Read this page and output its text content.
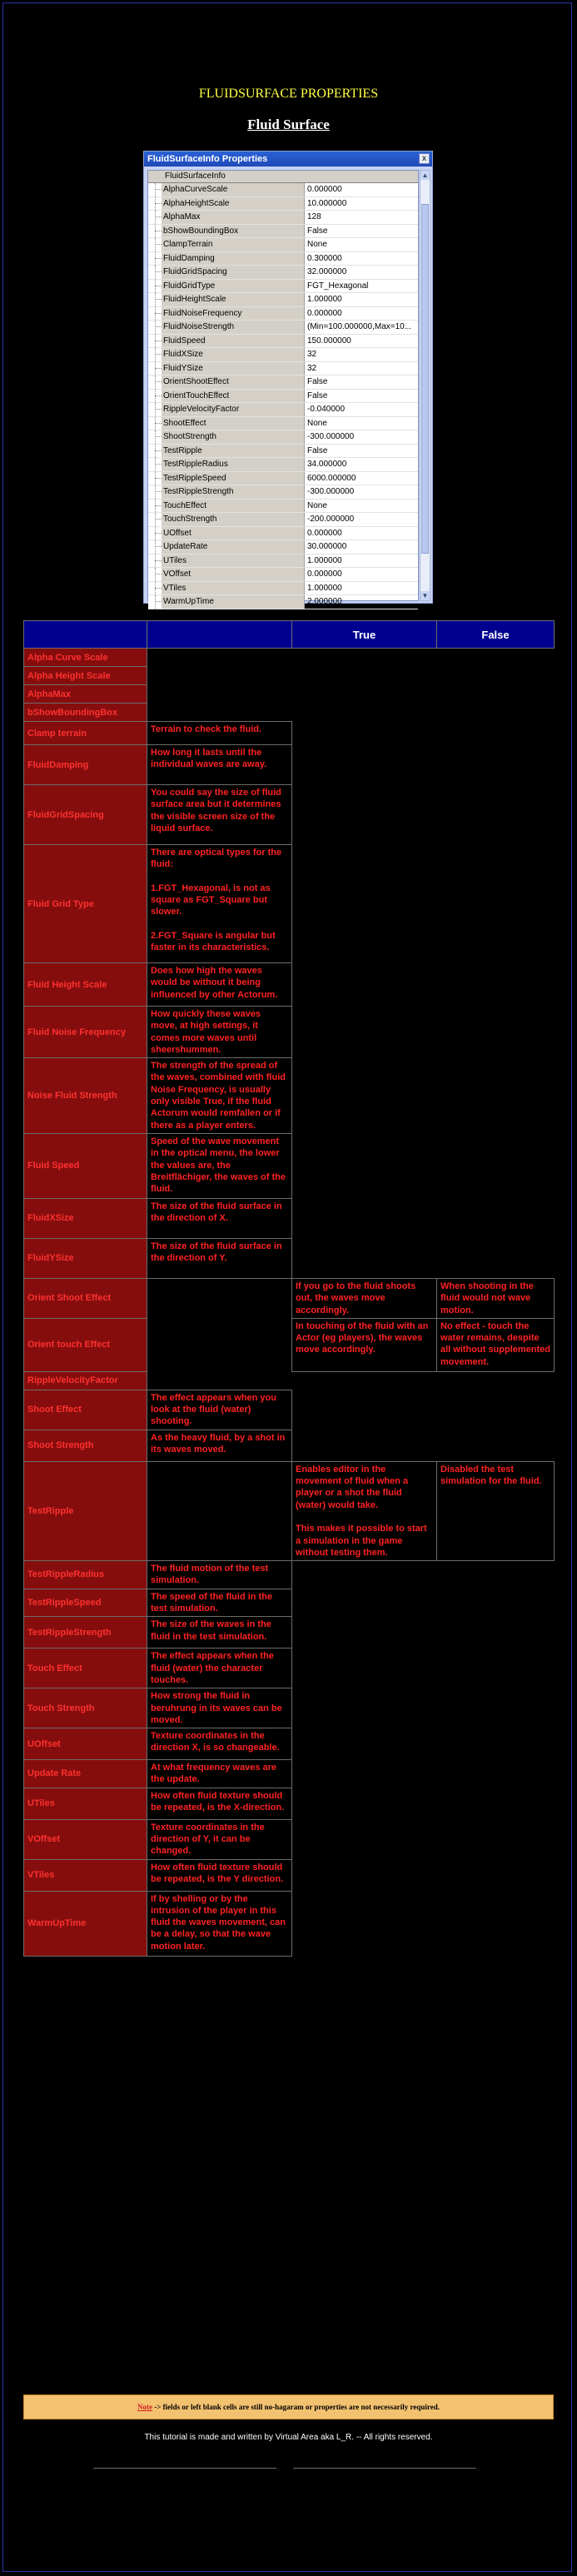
FLUIDSURFACE PROPERTIES
Fluid Surface
FluidSurfaceInfo Properties	x
FluidSurfaceInfo
AlphaCurveScale	0.000000
AlphaHeightScale	10.000000
AlphaMax	128
bShowBoundingBox	False
ClampTerrain	None
FluidDamping	0.300000
FluidGridSpacing	32.000000
FluidGridType	FGT_Hexagonal
FluidHeightScale	1.000000
FluidNoiseFrequency	0.000000
FluidNoiseStrength	(Min=100.000000,Max=10...
FluidSpeed	150.000000
FluidXSize	32
FluidYSize	32
OrientShootEffect	False
OrientTouchEffect	False
RippleVelocityFactor	-0.040000
ShootEffect	None
ShootStrength	-300.000000
TestRipple	False
TestRippleRadius	34.000000
TestRippleSpeed	6000.000000
TestRippleStrength	-300.000000
TouchEffect	None
TouchStrength	-200.000000
UOffset	0.000000
UpdateRate	30.000000
UTiles	1.000000
VOffset	0.000000
VTiles	1.000000
WarmUpTime	2.000000
▲
▼
		True	False
Alpha Curve Scale			
Alpha Height Scale			
AlphaMax			
bShowBoundingBox			
Clamp terrain	Terrain to check the fluid.		
FluidDamping	How long it lasts until the individual waves are away.		
FluidGridSpacing	You could say the size of fluid surface area but it determines the visible screen size of the liquid surface.		
Fluid Grid Type	There are optical types for the fluid:

1.FGT_Hexagonal, is not as square as FGT_Square but slower.

2.FGT_Square is angular but faster in its characteristics.		
Fluid Height Scale	Does how high the waves would be without it being influenced by other Actorum.		
Fluid Noise Frequency	How quickly these waves move, at high settings, it comes more waves until sheershummen.		
Noise Fluid Strength	The strength of the spread of the waves, combined with fluid Noise Frequency, is usually only visible True, if the fluid Actorum would remfallen or if there as a player enters.		
Fluid Speed	Speed of the wave movement in the optical menu, the lower the values are, the Breitflächiger, the waves of the fluid.		
FluidXSize	The size of the fluid surface in the direction of X.		
FluidYSize	The size of the fluid surface in the direction of Y.		
Orient Shoot Effect		If you go to the fluid shoots out, the waves move accordingly.	When shooting in the fluid would not wave motion.
Orient touch Effect		In touching of the fluid with an Actor (eg players), the waves move accordingly.	No effect - touch the water remains, despite all without supplemented movement.
RippleVelocityFactor			
Shoot Effect	The effect appears when you look at the fluid (water) shooting.		
Shoot Strength	As the heavy fluid, by a shot in its waves moved.		
TestRipple		Enables editor in the movement of fluid when a player or a shot the fluid (water) would take.

This makes it possible to start a simulation in the game without testing them.	Disabled the test simulation for the fluid.
TestRippleRadius	The fluid motion of the test simulation.		
TestRippleSpeed	The speed of the fluid in the test simulation.		
TestRippleStrength	The size of the waves in the fluid in the test simulation.		
Touch Effect	The effect appears when the fluid (water) the character touches.		
Touch Strength	How strong the fluid in beruhrung in its waves can be moved.		
UOffset	Texture coordinates in the direction X, is so changeable.		
Update Rate	At what frequency waves are the update.		
UTiles	How often fluid texture should be repeated, is the X-direction.		
VOffset	Texture coordinates in the direction of Y, it can be changed.		
VTiles	How often fluid texture should be repeated, is the Y direction.		
WarmUpTime	If by shelling or by the intrusion of the player in this fluid the waves movement, can be a delay, so that the wave motion later.		
Note -> fields or left blank cells are still no-hagaram or properties are not necessarily required.
This tutorial is made and written by Virtual Area aka L_R. -- All rights reserved.
